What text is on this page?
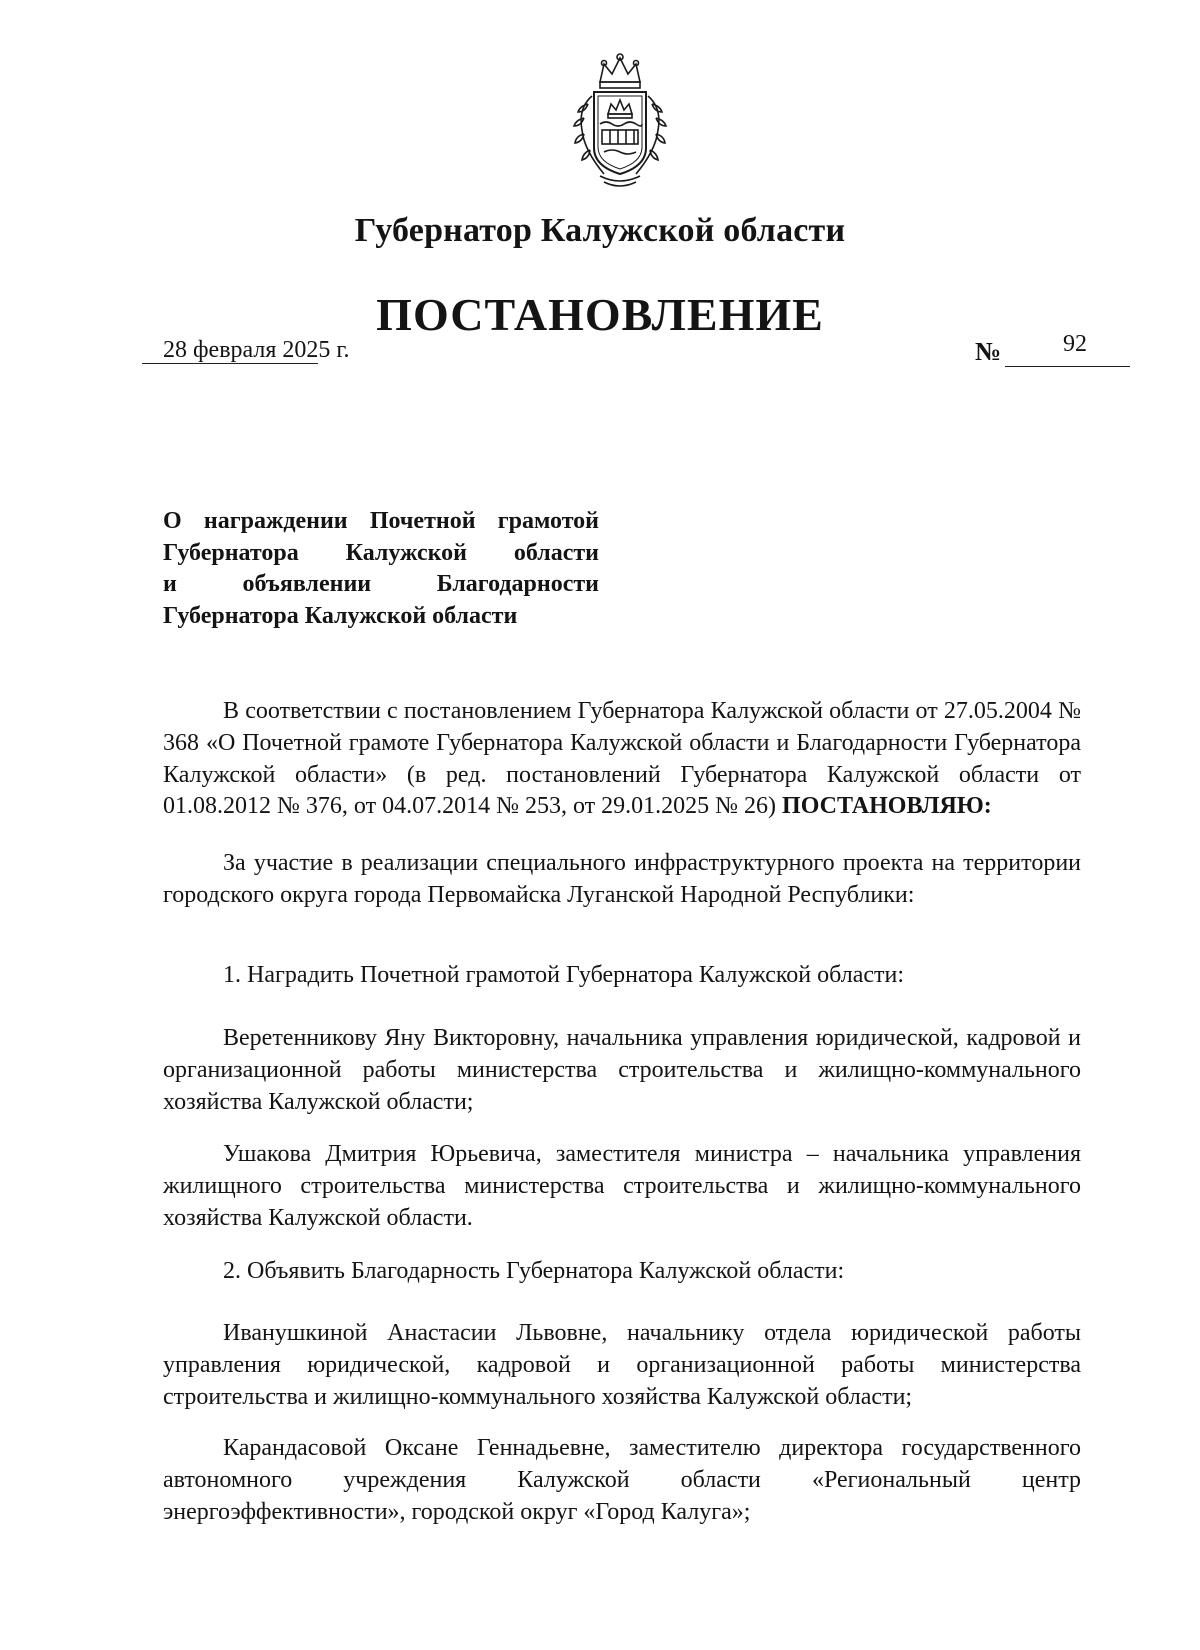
Губернатор Калужской области
ПОСТАНОВЛЕНИЕ
28 февраля 2025 г.	№	92
О награждении Почетной грамотой
Губернатора Калужской области
и объявлении Благодарности
Губернатора Калужской области

В соответствии с постановлением Губернатора Калужской области от 27.05.2004 № 368 «О Почетной грамоте Губернатора Калужской области и Благодарности Губернатора Калужской области» (в ред. постановлений Губернатора Калужской области от 01.08.2012 № 376, от 04.07.2014 № 253, от 29.01.2025 № 26) ПОСТАНОВЛЯЮ:

За участие в реализации специального инфраструктурного проекта на территории городского округа города Первомайска Луганской Народной Республики:

1. Наградить Почетной грамотой Губернатора Калужской области:

Веретенникову Яну Викторовну, начальника управления юридической, кадровой и организационной работы министерства строительства и жилищно-коммунального хозяйства Калужской области;

Ушакова Дмитрия Юрьевича, заместителя министра – начальника управления жилищного строительства министерства строительства и жилищно-коммунального хозяйства Калужской области.

2. Объявить Благодарность Губернатора Калужской области:

Иванушкиной Анастасии Львовне, начальнику отдела юридической работы управления юридической, кадровой и организационной работы министерства строительства и жилищно-коммунального хозяйства Калужской области;

Карандасовой Оксане Геннадьевне, заместителю директора государственного автономного учреждения Калужской области «Региональный центр энергоэффективности», городской округ «Город Калуга»;
